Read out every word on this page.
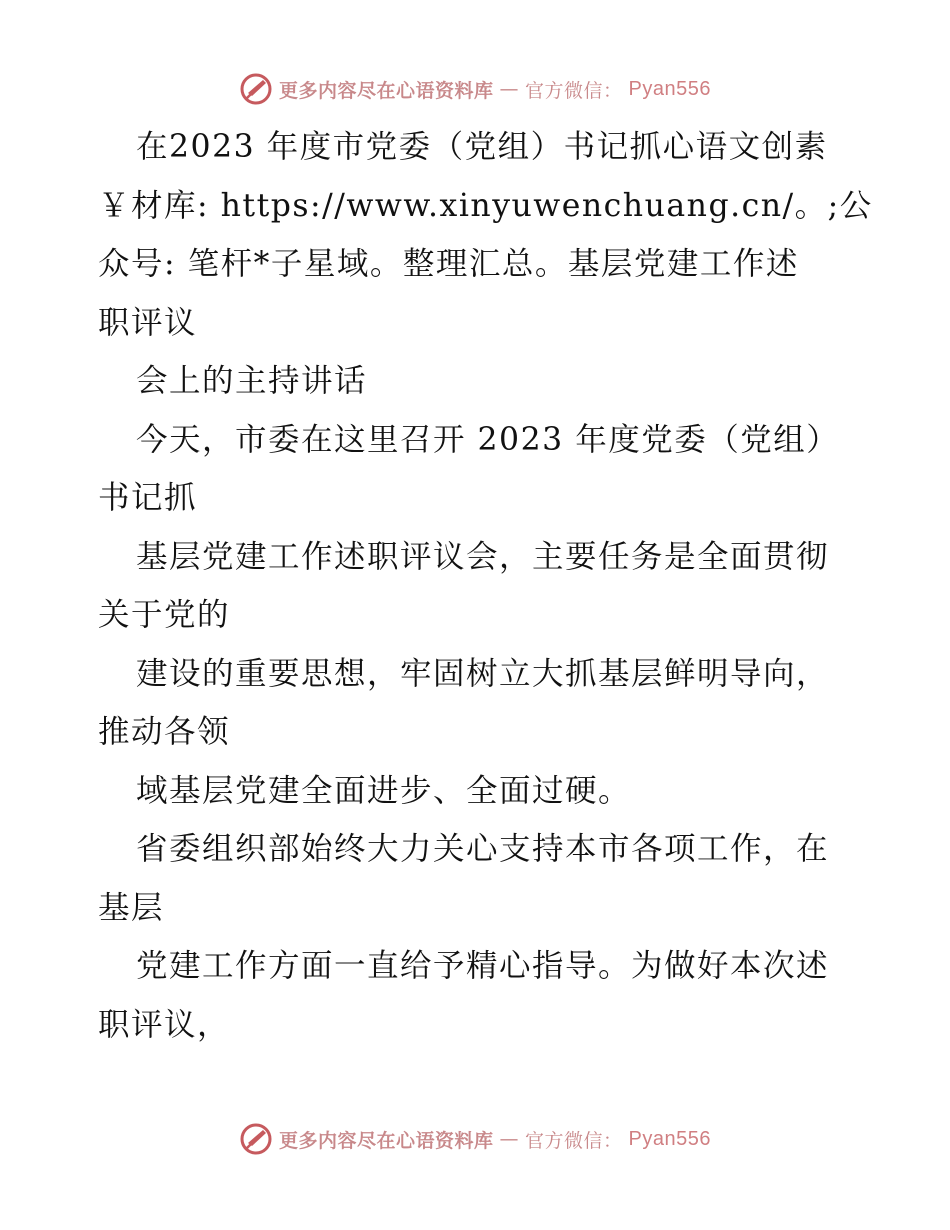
更多内容尽在心语资料库 — 官方微信： Pyan556

在2023 年度市党委（党组）书记抓心语文创素

￥材库: https://www.xinyuwenchuang.cn/。;公

众号: 笔杆*子星域。整理汇总。基层党建工作述

职评议

会上的主持讲话

今天，市委在这里召开 2023 年度党委（党组）

书记抓

基层党建工作述职评议会，主要任务是全面贯彻

关于党的

建设的重要思想，牢固树立大抓基层鲜明导向，

推动各领

域基层党建全面进步、全面过硬。

省委组织部始终大力关心支持本市各项工作，在

基层

党建工作方面一直给予精心指导。为做好本次述

职评议，

更多内容尽在心语资料库 — 官方微信： Pyan556
